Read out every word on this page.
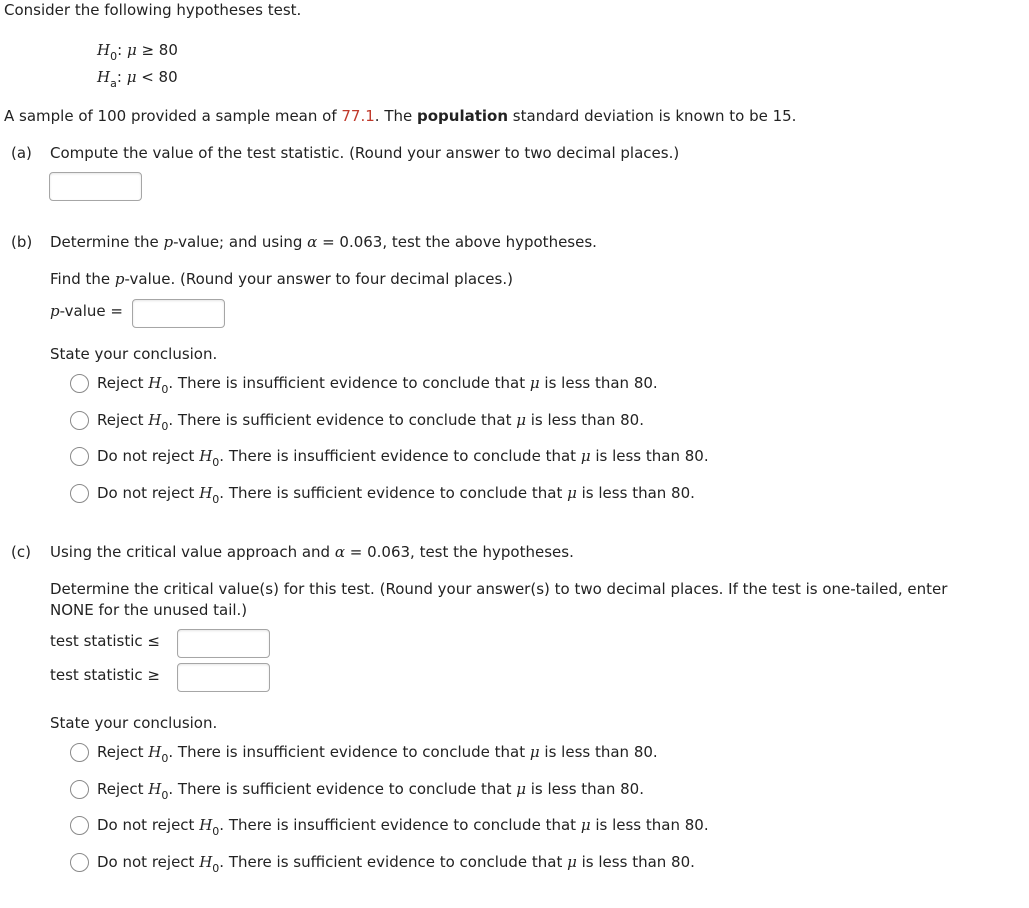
Consider the following hypotheses test.
$H_0$: μ ≥ 80
$H_a$: μ < 80
A sample of 100 provided a sample mean of 77.1. The population standard deviation is known to be 15.
(a) Compute the value of the test statistic. (Round your answer to two decimal places.)
(b) Determine the p-value; and using α = 0.063, test the above hypotheses.
Find the p-value. (Round your answer to four decimal places.)
p-value =
State your conclusion.
Reject $H_0$. There is insufficient evidence to conclude that μ is less than 80.
Reject $H_0$. There is sufficient evidence to conclude that μ is less than 80.
Do not reject $H_0$. There is insufficient evidence to conclude that μ is less than 80.
Do not reject $H_0$. There is sufficient evidence to conclude that μ is less than 80.
(c) Using the critical value approach and α = 0.063, test the hypotheses.
Determine the critical value(s) for this test. (Round your answer(s) to two decimal places. If the test is one-tailed, enter
NONE for the unused tail.)
test statistic ≤
test statistic ≥
State your conclusion.
Reject $H_0$. There is insufficient evidence to conclude that μ is less than 80.
Reject $H_0$. There is sufficient evidence to conclude that μ is less than 80.
Do not reject $H_0$. There is insufficient evidence to conclude that μ is less than 80.
Do not reject $H_0$. There is sufficient evidence to conclude that μ is less than 80.
